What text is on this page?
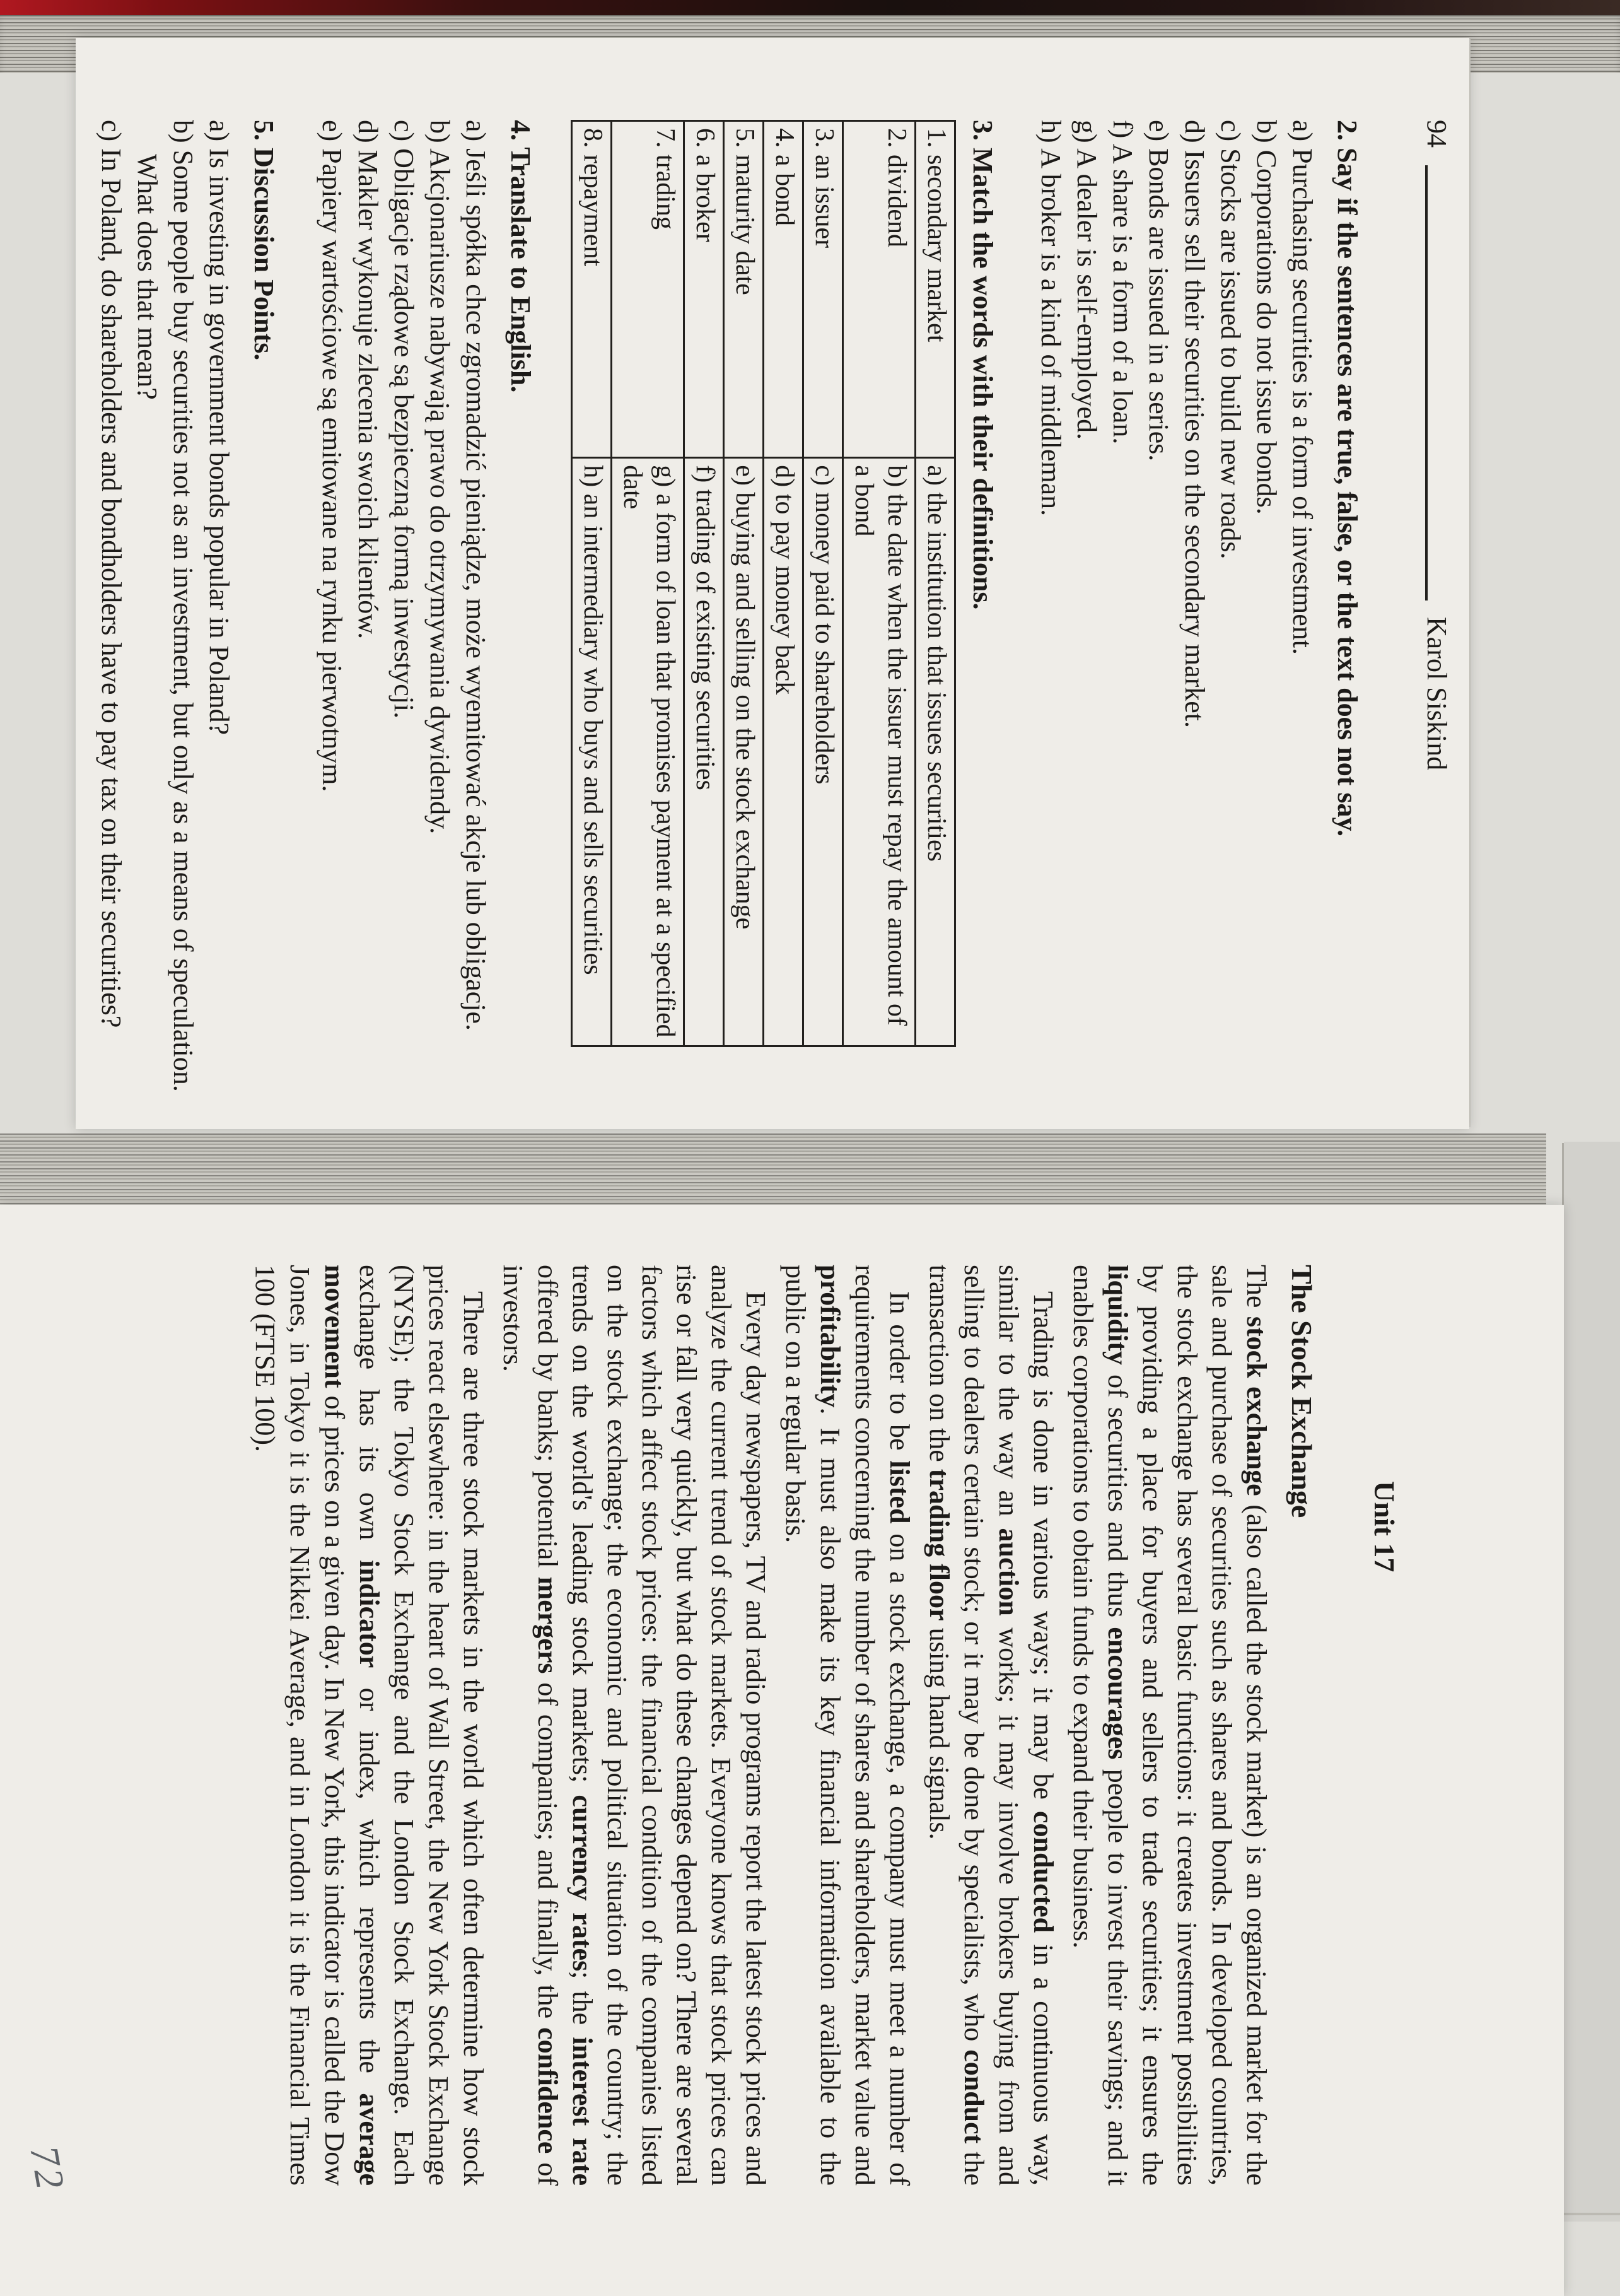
94
Karol Siskind
2. Say if the sentences are true, false, or the text does not say.
a) Purchasing securities is a form of investment.
b) Corporations do not issue bonds.
c) Stocks are issued to build new roads.
d) Issuers sell their securities on the secondary market.
e) Bonds are issued in a series.
f) A share is a form of a loan.
g) A dealer is self-employed.
h) A broker is a kind of middleman.
3. Match the words with their definitions.
1. secondary market	a) the institution that issues securities
2. dividend	b) the date when the issuer must repay the amount of a bond
3. an issuer	c) money paid to shareholders
4. a bond	d) to pay money back
5. maturity date	e) buying and selling on the stock exchange
6. a broker	f) trading of existing securities
7. trading	g) a form of loan that promises payment at a specified date
8. repayment	h) an intermediary who buys and sells securities
4. Translate to English.
a) Jeśli spółka chce zgromadzić pieniądze, może wyemitować akcje lub obligacje.
b) Akcjonariusze nabywają prawo do otrzymywania dywidendy.
c) Obligacje rządowe są bezpieczną formą inwestycji.
d) Makler wykonuje zlecenia swoich klientów.
e) Papiery wartościowe są emitowane na rynku pierwotnym.
5. Discussion Points.
a) Is investing in government bonds popular in Poland?
b) Some people buy securities not as an investment, but only as a means of speculation. What does that mean?
c) In Poland, do shareholders and bondholders have to pay tax on their securities?
Unit 17
The Stock Exchange

The stock exchange (also called the stock market) is an organized market for the sale and purchase of securities such as shares and bonds. In developed countries, the stock exchange has several basic functions: it creates investment possibilities by providing a place for buyers and sellers to trade securities; it ensures the liquidity of securities and thus encourages people to invest their savings; and it enables corporations to obtain funds to expand their business.

Trading is done in various ways; it may be conducted in a continuous way, similar to the way an auction works; it may involve brokers buying from and selling to dealers certain stock; or it may be done by specialists, who conduct the transaction on the trading floor using hand signals.

In order to be listed on a stock exchange, a company must meet a number of requirements concerning the number of shares and shareholders, market value and profitability. It must also make its key financial information available to the public on a regular basis.

Every day newspapers, TV and radio programs report the latest stock prices and analyze the current trend of stock markets. Everyone knows that stock prices can rise or fall very quickly, but what do these changes depend on? There are several factors which affect stock prices: the financial condition of the companies listed on the stock exchange; the economic and political situation of the country; the trends on the world's leading stock markets; currency rates; the interest rate offered by banks; potential mergers of companies; and finally, the confidence of investors.

There are three stock markets in the world which often determine how stock prices react elsewhere: in the heart of Wall Street, the New York Stock Exchange (NYSE); the Tokyo Stock Exchange and the London Stock Exchange. Each exchange has its own indicator or index, which represents the average movement of prices on a given day. In New York, this indicator is called the Dow Jones, in Tokyo it is the Nikkei Average, and in London it is the Financial Times 100 (FTSE 100).

72
